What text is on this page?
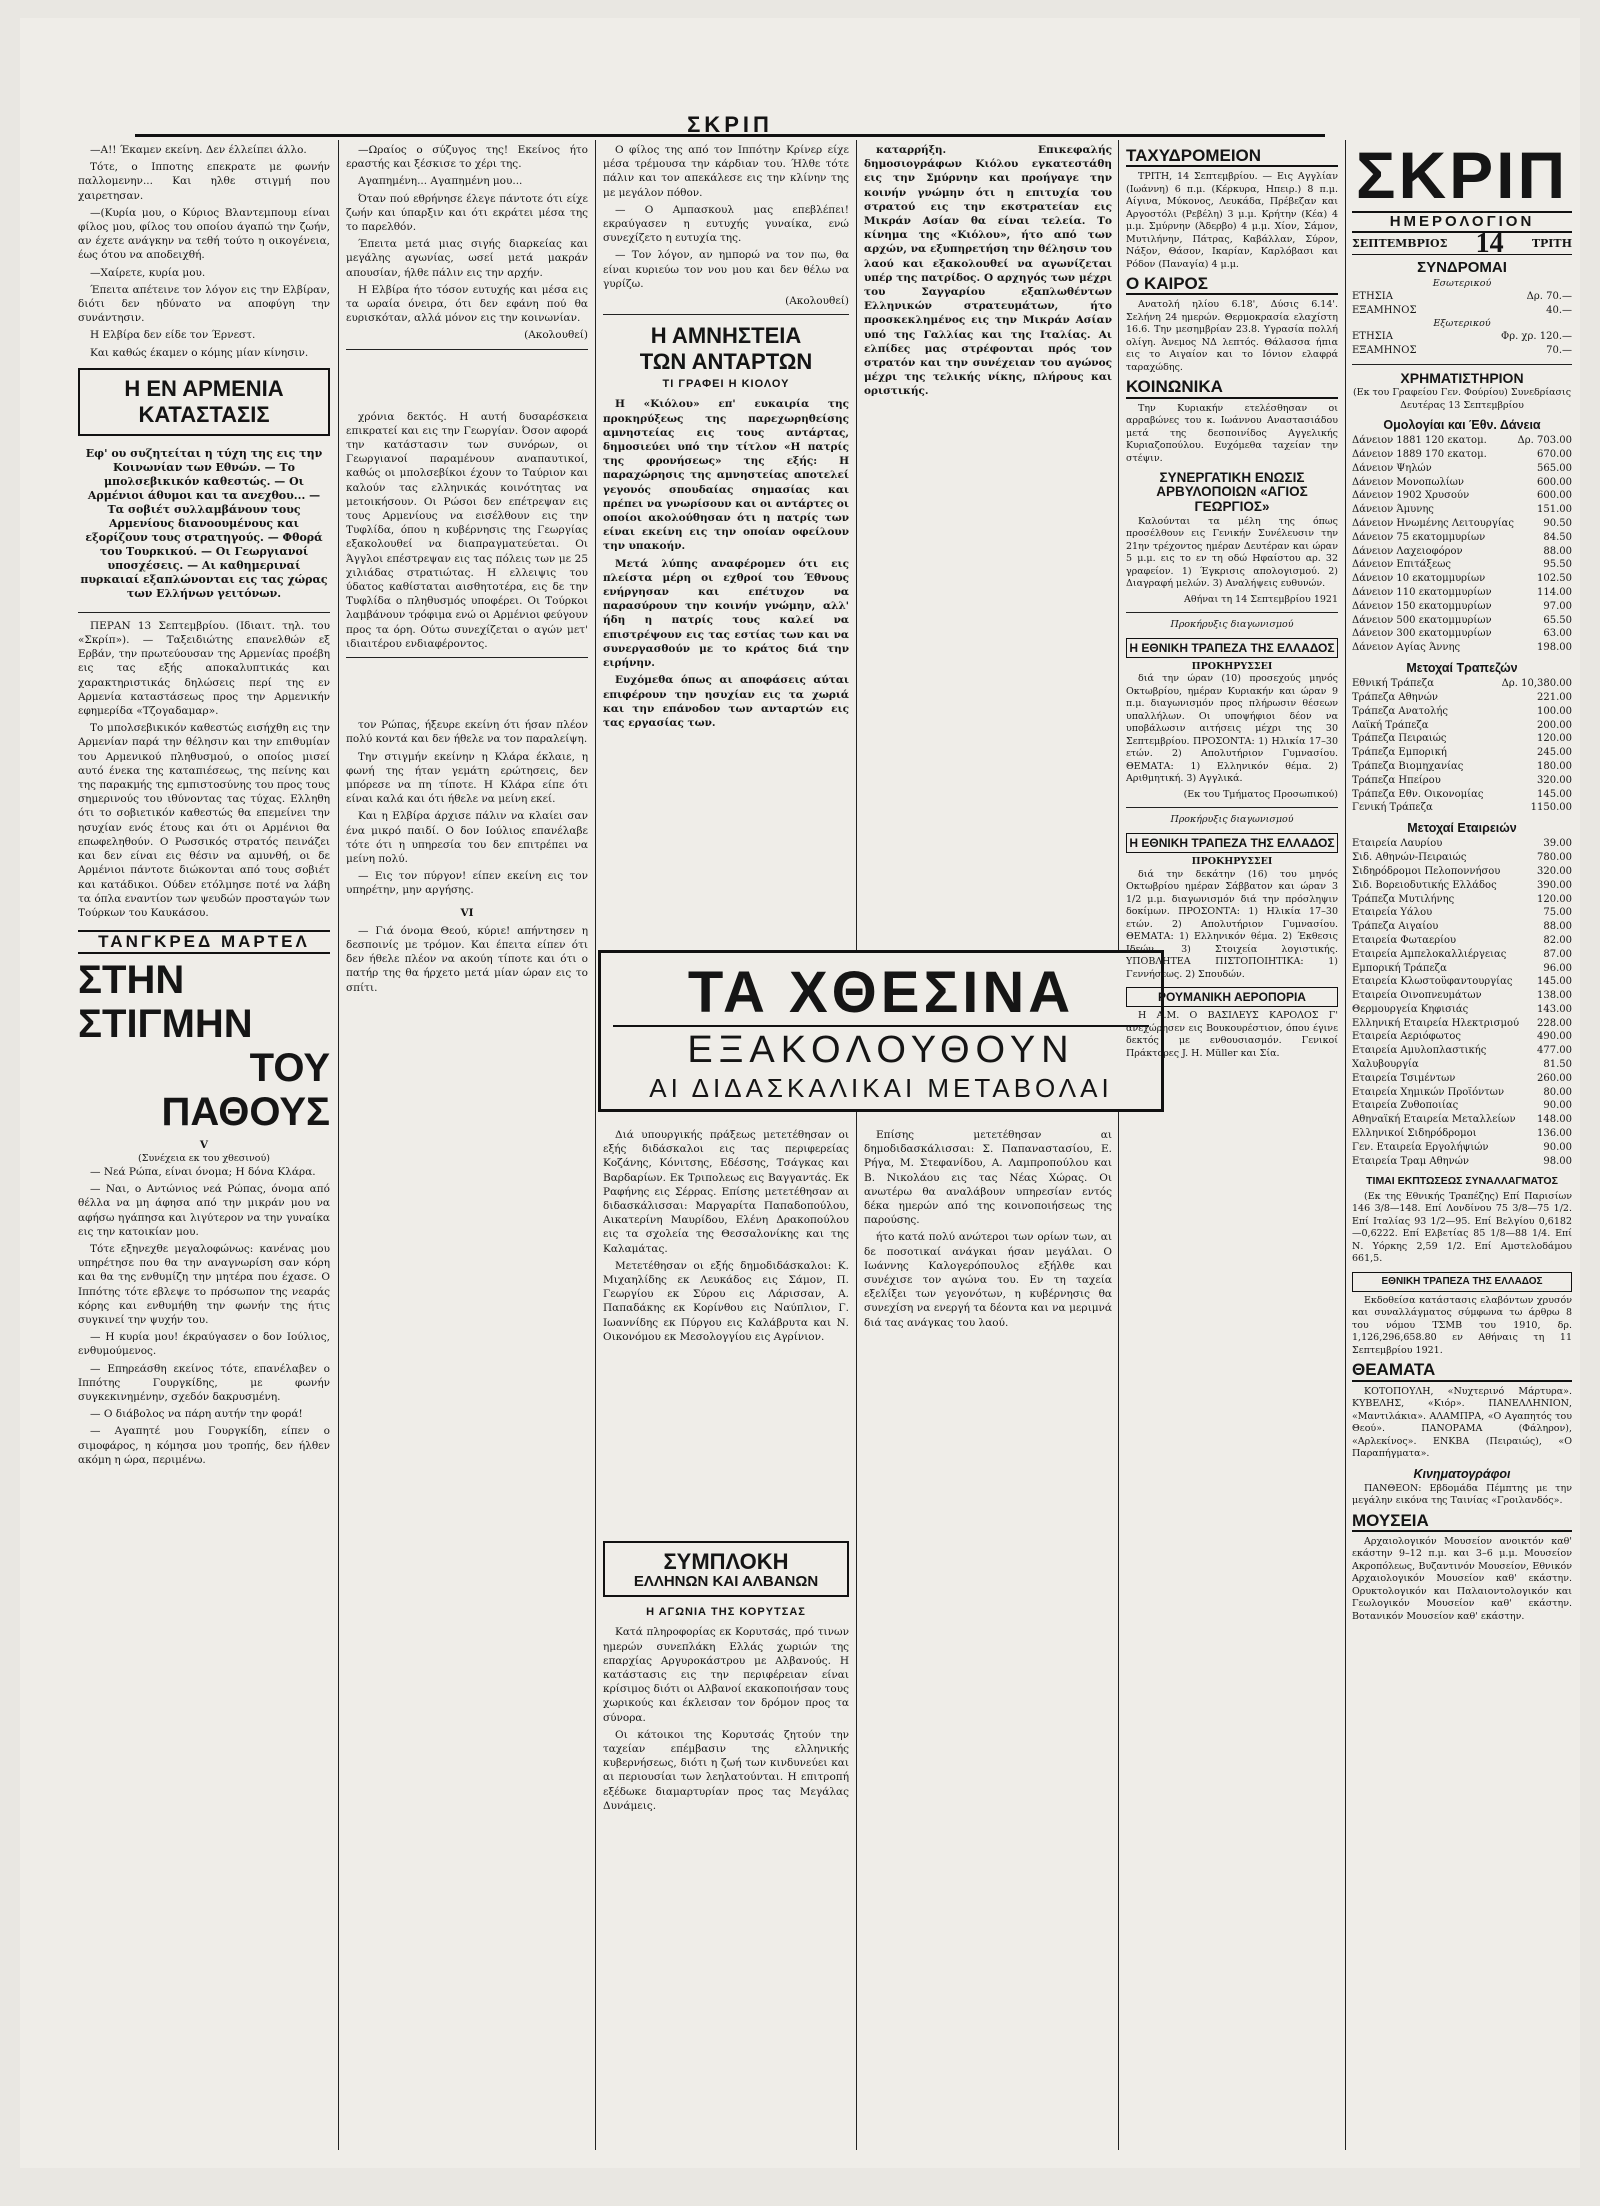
ΣΚΡΙΠ

—Α!! Έκαμεν εκείνη. Δεν έλλείπει άλλο.

Τότε, ο Ιπποτης επεκρατε με φωνήν παλλομενην... Και ηλθε στιγμή που χαιρετησαν.

—(Κυρία μου, ο Κύριος Βλαντεμπουμ είναι φίλος μου, φίλος του οποίου άγαπώ την ζωήν, αν έχετε ανάγκην να τεθή τούτο η οικογένεια, έως ότου να αποδειχθή.

—Χαίρετε, κυρία μου.

Έπειτα απέτεινε τον λόγον εις την Ελβίραν, διότι δεν ηδύνατο να αποφύγη την συνάντησιν.

Η Ελβίρα δεν είδε τον Έρνεστ.

Και καθώς έκαμεν ο κόμης μίαν κίνησιν.

Η ΕΝ ΑΡΜΕΝΙΑ ΚΑΤΑΣΤΑΣΙΣ

Εφ' ου συζητείται η τύχη της εις την Κοινωνίαν των Εθνών. — Το μπολσεβικικόν καθεστώς. — Οι Αρμένιοι άθυμοι και τα ανεχθου... — Τα σοβιέτ συλλαμβάνουν τους Αρμενίους διανοουμένους και εξορίζουν τους στρατηγούς. — Φθορά του Τουρκικού. — Οι Γεωργιανοί υποσχέσεις. — Αι καθημεριναί πυρκαιαί εξαπλώνονται εις τας χώρας των Ελλήνων γειτόνων.

ΠΕΡΑΝ 13 Σεπτεμβρίου. (Ιδιαιτ. τηλ. του «Σκρίπ»). — Ταξειδιώτης επανελθών εξ Ερβάν, την πρωτεύουσαν της Αρμενίας προέβη εις τας εξής αποκαλυπτικάς και χαρακτηριστικάς δηλώσεις περί της εν Αρμενία καταστάσεως προς την Αρμενικήν εφημερίδα «Τζογαδαμαρ».

Το μπολσεβικικόν καθεστώς εισήχθη εις την Αρμενίαν παρά την θέλησιν και την επιθυμίαν του Αρμενικού πληθυσμού, ο οποίος μισεί αυτό ένεκα της καταπιέσεως, της πείνης και της παρακμής της εμπιστοσύνης του προς τους σημερινούς του ιθύνοντας τας τύχας. Ελληθη ότι το σοβιετικόν καθεστώς θα επεμείνει την ησυχίαν ενός έτους και ότι οι Αρμένιοι θα επωφεληθούν. Ο Ρωσσικός στρατός πεινάζει και δεν είναι εις θέσιν να αμυνθή, οι δε Αρμένιοι πάντοτε διώκονται από τους σοβιέτ και κατάδικοι. Ούδεν ετόλμησε ποτέ να λάβη τα όπλα εναντίον των ψευδών προσταγών των Τούρκων του Καυκάσου.

ΤΑΝΓΚΡΕΔ ΜΑΡΤΕΛ
ΣΤΗΝ ΣΤΙΓΜΗΝ
ΤΟΥ ΠΑΘΟΥΣ
V
(Συνέχεια εκ του χθεσινού)

— Νεά Ρώπα, είναι όνομα; Η δόνα Κλάρα.

— Ναι, ο Αντώνιος νεά Ρώπας, όνομα από θέλλα να μη άφησα από την μικράν μου να αφήσω ηγάπησα και λιγύτερον να την γυναίκα εις την κατοικίαν μου.

Τότε εξηνεχθε μεγαλοφώνως: κανένας μου υπηρέτησε που θα την αναγνωρίση σαν κόρη και θα της ενθυμίζη την μητέρα που έχασε. Ο Ιππότης τότε εβλεψε το πρόσωπον της νεαράς κόρης και ενθυμήθη την φωνήν της ήτις συγκινεί την ψυχήν του.

— Η κυρία μου! έκραύγασεν ο δον Ιούλιος, ενθυμούμενος.

— Επηρεάσθη εκείνος τότε, επανέλαβεν ο Ιππότης Γουργκίδης, με φωνήν συγκεκινημένην, σχεδόν δακρυσμένη.

— Ο διάβολος να πάρη αυτήν την φορά!

— Αγαπητέ μου Γουργκίδη, είπεν ο σιμοφάρος, η κόμησα μου τροπής, δεν ήλθεν ακόμη η ώρα, περιμένω.

—Ωραίος ο σύζυγος της! Εκείνος ήτο εραστής και ξέσκισε το χέρι της.

Αγαπημένη... Αγαπημένη μου...

Όταν πού εθρήνησε έλεγε πάντοτε ότι είχε ζωήν και ύπαρξιν και ότι εκράτει μέσα της το παρελθόν.

Έπειτα μετά μιας σιγής διαρκείας και μεγάλης αγωνίας, ωσεί μετά μακράν απουσίαν, ήλθε πάλιν εις την αρχήν.

Η Ελβίρα ήτο τόσον ευτυχής και μέσα εις τα ωραία όνειρα, ότι δεν εφάνη πού θα ευρισκόταν, αλλά μόνον εις την κοινωνίαν.

(Ακολουθεί)

χρόνια δεκτός. Η αυτή δυσαρέσκεια επικρατεί και εις την Γεωργίαν. Όσον αφορά την κατάστασιν των συνόρων, οι Γεωργιανοί παραμένουν αναπαυτικοί, καθώς οι μπολσεβίκοι έχουν το Ταύριον και καλούν τας ελληνικάς κοινότητας να μετοικήσουν. Οι Ρώσοι δεν επέτρεψαν εις τους Αρμενίους να εισέλθουν εις την Τυφλίδα, όπου η κυβέρνησις της Γεωργίας εξακολουθεί να διαπραγματεύεται. Οι Άγγλοι επέστρεψαν εις τας πόλεις των με 25 χιλιάδας στρατιώτας. Η ελλειψις του ύδατος καθίσταται αισθητοτέρα, εις δε την Τυφλίδα ο πληθυσμός υποφέρει. Οι Τούρκοι λαμβάνουν τρόφιμα ενώ οι Αρμένιοι φεύγουν προς τα όρη. Ούτω συνεχίζεται ο αγών μετ' ιδιαιτέρου ενδιαφέροντος.

τον Ρώπας, ήξευρε εκείνη ότι ήσαν πλέον πολύ κοντά και δεν ήθελε να τον παραλείψη.

Την στιγμήν εκείνην η Κλάρα έκλαιε, η φωνή της ήταν γεμάτη ερώτησεις, δεν μπόρεσε να πη τίποτε. Η Κλάρα είπε ότι είναι καλά και ότι ήθελε να μείνη εκεί.

Και η Ελβίρα άρχισε πάλιν να κλαίει σαν ένα μικρό παιδί. Ο δον Ιούλιος επανέλαβε τότε ότι η υπηρεσία του δεν επιτρέπει να μείνη πολύ.

— Εις τον πύργον! είπεν εκείνη εις τον υπηρέτην, μην αργήσης.

VI

— Γιά όνομα Θεού, κύριε! απήντησεν η δεσποινίς με τρόμον. Και έπειτα είπεν ότι δεν ήθελε πλέον να ακούη τίποτε και ότι ο πατήρ της θα ήρχετο μετά μίαν ώραν εις το σπίτι.

Ο φίλος της από τον Ιππότην Κρίνερ είχε μέσα τρέμουσα την κάρδιαν του. Ήλθε τότε πάλιν και τον απεκάλεσε εις την κλίνην της με μεγάλον πόθον.

— Ο Αμπασκουλ μας επεβλέπει! εκραύγασεν η ευτυχής γυναίκα, ενώ συνεχίζετο η ευτυχία της.

— Τον λόγον, αν ημπορώ να τον πω, θα είναι κυριεύω τον νου μου και δεν θέλω να γυρίζω.

(Ακολουθεί)
Η ΑΜΝΗΣΤΕΙΑ
ΤΩΝ ΑΝΤΑΡΤΩΝ
ΤΙ ΓΡΑΦΕΙ Η ΚΙΟΛΟΥ

Η «Κιόλου» επ' ευκαιρία της προκηρύξεως της παρεχωρηθείσης αμνηστείας εις τους αντάρτας, δημοσιεύει υπό την τίτλον «Η πατρίς της φρονήσεως» της εξής: Η παραχώρησις της αμνηστείας αποτελεί γεγονός σπουδαίας σημασίας και πρέπει να γνωρίσουν και οι αντάρτες οι οποίοι ακολούθησαν ότι η πατρίς των είναι εκείνη εις την οποίαν οφείλουν την υπακοήν.

Μετά λύπης αναφέρομεν ότι εις πλείστα μέρη οι εχθροί του Έθνους ενήργησαν και επέτυχον να παρασύρουν την κοινήν γνώμην, αλλ' ήδη η πατρίς τους καλεί να επιστρέψουν εις τας εστίας των και να συνεργασθούν με το κράτος διά την ειρήνην.

Ευχόμεθα όπως αι αποφάσεις αύται επιφέρουν την ησυχίαν εις τα χωριά και την επάνοδον των ανταρτών εις τας εργασίας των.

καταρρήξη. Επικεφαλής δημοσιογράφων Κιόλου εγκατεστάθη εις την Σμύρνην και προήγαγε την κοινήν γνώμην ότι η επιτυχία του στρατού εις την εκστρατείαν εις Μικράν Ασίαν θα είναι τελεία. Το κίνημα της «Κιόλου», ήτο από των αρχών, να εξυπηρετήση την θέλησιν του λαού και εξακολουθεί να αγωνίζεται υπέρ της πατρίδος. Ο αρχηγός των μέχρι του Σαγγαρίου εξαπλωθέντων Ελληνικών στρατευμάτων, ήτο προσκεκλημένος εις την Μικράν Ασίαν υπό της Γαλλίας και της Ιταλίας. Αι ελπίδες μας στρέφονται πρός τον στρατόν και την συνέχειαν του αγώνος μέχρι της τελικής νίκης, πλήρους και οριστικής.

ΤΑ ΧΘΕΣΙΝΑ
ΕΞΑΚΟΛΟΥΘΟΥΝ
ΑΙ ΔΙΔΑΣΚΑΛΙΚΑΙ ΜΕΤΑΒΟΛΑΙ

Διά υπουργικής πράξεως μετετέθησαν οι εξής διδάσκαλοι εις τας περιφερείας Κοζάνης, Κόνιτσης, Εδέσσης, Τσάγκας και Βαρδαρίων. Εκ Τριπολεως εις Βαγγαντάς. Εκ Ραφήνης εις Σέρρας. Επίσης μετετέθησαν αι διδασκάλισσαι: Μαργαρίτα Παπαδοπούλου, Αικατερίνη Μαυρίδου, Ελένη Δρακοπούλου εις τα σχολεία της Θεσσαλονίκης και της Καλαμάτας.

Μετετέθησαν οι εξής δημοδιδάσκαλοι: Κ. Μιχαηλίδης εκ Λευκάδος εις Σάμον, Π. Γεωργίου εκ Σύρου εις Λάρισσαν, Α. Παπαδάκης εκ Κορίνθου εις Ναύπλιον, Γ. Ιωαννίδης εκ Πύργου εις Καλάβρυτα και Ν. Οικονόμου εκ Μεσολογγίου εις Αγρίνιον.

Επίσης μετετέθησαν αι δημοδιδασκάλισσαι: Σ. Παπαναστασίου, Ε. Ρήγα, Μ. Στεφανίδου, Α. Λαμπροπούλου και Β. Νικολάου εις τας Νέας Χώρας. Οι ανωτέρω θα αναλάβουν υπηρεσίαν εντός δέκα ημερών από της κοινοποιήσεως της παρούσης.

ήτο κατά πολύ ανώτεροι των ορίων των, αι δε ποσοτικαί ανάγκαι ήσαν μεγάλαι. Ο Ιωάννης Καλογερόπουλος εξήλθε και συνέχισε τον αγώνα του. Εν τη ταχεία εξελίξει των γεγονότων, η κυβέρνησις θα συνεχίση να ενεργή τα δέοντα και να μεριμνά διά τας ανάγκας του λαού.

ΣΥΜΠΛΟΚΗ
ΕΛΛΗΝΩΝ ΚΑΙ ΑΛΒΑΝΩΝ
Η ΑΓΩΝΙΑ ΤΗΣ ΚΟΡΥΤΣΑΣ

Κατά πληροφορίας εκ Κορυτσάς, πρό τινων ημερών συνεπλάκη Ελλάς χωριών της επαρχίας Αργυροκάστρου με Αλβανούς. Η κατάστασις εις την περιφέρειαν είναι κρίσιμος διότι οι Αλβανοί εκακοποιήσαν τους χωρικούς και έκλεισαν τον δρόμον προς τα σύνορα.

Οι κάτοικοι της Κορυτσάς ζητούν την ταχείαν επέμβασιν της ελληνικής κυβερνήσεως, διότι η ζωή των κινδυνεύει και αι περιουσίαι των λεηλατούνται. Η επιτροπή εξέδωκε διαμαρτυρίαν προς τας Μεγάλας Δυνάμεις.

ΤΑΧΥΔΡΟΜΕΙΟΝ

ΤΡΙΤΗ, 14 Σεπτεμβρίου. — Εις Αγγλίαν (Ιωάννη) 6 π.μ. (Κέρκυρα, Ηπειρ.) 8 π.μ. Αίγινα, Μύκονος, Λευκάδα, Πρέβεζαν και Αργοστόλι (Ρεβέλη) 3 μ.μ. Κρήτην (Κέα) 4 μ.μ. Σμύρνην (Άδερβο) 4 μ.μ. Χίον, Σάμον, Μυτιλήνην, Πάτρας, Καβάλλαν, Σύρον, Νάξον, Θάσον, Ικαρίαν, Καρλόβασι και Ρόδον (Παναγία) 4 μ.μ.

Ο ΚΑΙΡΟΣ

Ανατολή ηλίου 6.18', Δύσις 6.14'. Σελήνη 24 ημερών. Θερμοκρασία ελαχίστη 16.6. Την μεσημβρίαν 23.8. Υγρασία πολλή ολίγη. Άνεμος ΝΔ λεπτός. Θάλασσα ήπια εις το Αιγαίον και το Ιόνιον ελαφρά ταραχώδης.

ΚΟΙΝΩΝΙΚΑ

Την Κυριακήν ετελέσθησαν οι αρραβώνες του κ. Ιωάννου Αναστασιάδου μετά της δεσποινίδος Αγγελικής Κυριαζοπούλου. Ευχόμεθα ταχείαν την στέψιν.

ΣΥΝΕΡΓΑΤΙΚΗ ΕΝΩΣΙΣ ΑΡΒΥΛΟΠΟΙΩΝ «ΑΓΙΟΣ ΓΕΩΡΓΙΟΣ»

Καλούνται τα μέλη της όπως προσέλθουν εις Γενικήν Συνέλευσιν την 21ην τρέχοντος ημέραν Δευτέραν και ώραν 5 μ.μ. εις το εν τη οδώ Ηφαίστου αρ. 32 γραφείον. 1) Έγκρισις απολογισμού. 2) Διαγραφή μελών. 3) Αναλήψεις ευθυνών.

Αθήναι τη 14 Σεπτεμβρίου 1921
Προκήρυξις διαγωνισμού
Η ΕΘΝΙΚΗ ΤΡΑΠΕΖΑ ΤΗΣ ΕΛΛΑΔΟΣ
ΠΡΟΚΗΡΥΣΣΕΙ

διά την ώραν (10) προσεχούς μηνός Οκτωβρίου, ημέραν Κυριακήν και ώραν 9 π.μ. διαγωνισμόν προς πλήρωσιν θέσεων υπαλλήλων. Οι υποψήφιοι δέον να υποβάλωσιν αιτήσεις μέχρι της 30 Σεπτεμβρίου. ΠΡΟΣΟΝΤΑ: 1) Ηλικία 17–30 ετών. 2) Απολυτήριον Γυμνασίου. ΘΕΜΑΤΑ: 1) Ελληνικόν θέμα. 2) Αριθμητική. 3) Αγγλικά.

(Εκ του Τμήματος Προσωπικού)
Προκήρυξις διαγωνισμού
Η ΕΘΝΙΚΗ ΤΡΑΠΕΖΑ ΤΗΣ ΕΛΛΑΔΟΣ
ΠΡΟΚΗΡΥΣΣΕΙ

διά την δεκάτην (16) του μηνός Οκτωβρίου ημέραν Σάββατον και ώραν 3 1/2 μ.μ. διαγωνισμόν διά την πρόσληψιν δοκίμων. ΠΡΟΣΟΝΤΑ: 1) Ηλικία 17–30 ετών. 2) Απολυτήριον Γυμνασίου. ΘΕΜΑΤΑ: 1) Ελληνικόν θέμα. 2) Έκθεσις Ιδεών. 3) Στοιχεία λογιστικής. ΥΠΟΒΛΗΤΕΑ ΠΙΣΤΟΠΟΙΗΤΙΚΑ: 1) Γεννήσεως. 2) Σπουδών.

ΡΟΥΜΑΝΙΚΗ ΑΕΡΟΠΟΡΙΑ

Η Α.Μ. Ο ΒΑΣΙΛΕΥΣ ΚΑΡΟΛΟΣ Γ' ανεχώρησεν εις Βουκουρέστιον, όπου έγινε δεκτός με ενθουσιασμόν. Γενικοί Πράκτορες J. H. Müller και Σία.

ΣΚΡΙΠ
ΗΜΕΡΟΛΟΓΙΟΝ
ΣΕΠΤΕΜΒΡΙΟΣ 14	ΤΡΙΤΗ
ΣΥΝΔΡΟΜΑΙ
Εσωτερικού
ΕΤΗΣΙΑ	Δρ. 70.—
ΕΞΑΜΗΝΟΣ	40.—
Εξωτερικού
ΕΤΗΣΙΑ	Φρ. χρ. 120.—
ΕΞΑΜΗΝΟΣ	70.—
ΧΡΗΜΑΤΙΣΤΗΡΙΟΝ
(Εκ του Γραφείου Γεν. Φούρίου) Συνεδρίασις Δευτέρας 13 Σεπτεμβρίου
Ομολογίαι και Έθν. Δάνεια
Δάνειον 1881 120 εκατομ.	Δρ. 703.00
Δάνειον 1889 170 εκατομ.	670.00
Δάνειον Ψηλών	565.00
Δάνειον Μονοπωλίων	600.00
Δάνειον 1902 Χρυσούν	600.00
Δάνειον Άμυνης	151.00
Δάνειον Ηνωμένης Λειτουργίας	90.50
Δάνειον 75 εκατομμυρίων	84.50
Δάνειον Λαχειοφόρον	88.00
Δάνειον Επιτάξεως	95.50
Δάνειον 10 εκατομμυρίων	102.50
Δάνειον 110 εκατομμυρίων	114.00
Δάνειον 150 εκατομμυρίων	97.00
Δάνειον 500 εκατομμυρίων	65.50
Δάνειον 300 εκατομμυρίων	63.00
Δάνειον Αγίας Άννης	198.00
Μετοχαί Τραπεζών
Εθνική Τράπεζα	Δρ. 10,380.00
Τράπεζα Αθηνών	221.00
Τράπεζα Ανατολής	100.00
Λαϊκή Τράπεζα	200.00
Τράπεζα Πειραιώς	120.00
Τράπεζα Εμπορική	245.00
Τράπεζα Βιομηχανίας	180.00
Τράπεζα Ηπείρου	320.00
Τράπεζα Εθν. Οικονομίας	145.00
Γενική Τράπεζα	1150.00
Μετοχαί Εταιρειών
Εταιρεία Λαυρίου	39.00
Σιδ. Αθηνών-Πειραιώς	780.00
Σιδηρόδρομοι Πελοποννήσου	320.00
Σιδ. Βορειοδυτικής Ελλάδος	390.00
Τράπεζα Μυτιλήνης	120.00
Εταιρεία Υάλου	75.00
Τράπεζα Αιγαίου	88.00
Εταιρεία Φωταερίου	82.00
Εταιρεία Αμπελοκαλλιέργειας	87.00
Εμπορική Τράπεζα	96.00
Εταιρεία Κλωστοϋφαντουργίας	145.00
Εταιρεία Οινοπνευμάτων	138.00
Θερμουργεία Κηφισιάς	143.00
Ελληνική Εταιρεία Ηλεκτρισμού	228.00
Εταιρεία Αεριόφωτος	490.00
Εταιρεία Αμυλοπλαστικής	477.00
Χαλυβουργία	81.50
Εταιρεία Τσιμέντων	260.00
Εταιρεία Χημικών Προϊόντων	80.00
Εταιρεία Ζυθοποιίας	90.00
Αθηναϊκή Εταιρεία Μεταλλείων	148.00
Ελληνικοί Σιδηρόδρομοι	136.00
Γεν. Εταιρεία Εργολήψιών	90.00
Εταιρεία Τραμ Αθηνών	98.00
ΤΙΜΑΙ ΕΚΠΤΩΣΕΩΣ ΣΥΝΑΛΛΑΓΜΑΤΟΣ

(Εκ της Εθνικής Τραπέζης) Επί Παρισίων 146 3/8—148. Επί Λονδίνου 75 3/8—75 1/2. Επί Ιταλίας 93 1/2—95. Επί Βελγίου 0,6182—0,6222. Επί Ελβετίας 85 1/8—88 1/4. Επί Ν. Υόρκης 2,59 1/2. Επί Αμστελοδάμου 661,5.

ΕΘΝΙΚΗ ΤΡΑΠΕΖΑ ΤΗΣ ΕΛΛΑΔΟΣ

Εκδοθείσα κατάστασις ελαβόντων χρυσόν και συναλλάγματος σύμφωνα τω άρθρω 8 του νόμου ΤΣΜΒ του 1910, δρ. 1,126,296,658.80 εν Αθήναις τη 11 Σεπτεμβρίου 1921.

ΘΕΑΜΑΤΑ

ΚΟΤΟΠΟΥΛΗ, «Νυχτερινό Μάρτυρα». ΚΥΒΕΛΗΣ, «Κιόρ». ΠΑΝΕΛΛΗΝΙΟΝ, «Μαντιλάκια». ΑΛΑΜΠΡΑ, «Ο Αγαπητός του Θεού». ΠΑΝΟΡΑΜΑ (Φάληρον), «Αρλεκίνος». ΕΝΚΒΑ (Πειραιώς), «Ο Παραπήγματα».

Κινηματογράφοι

ΠΑΝΘΕΟΝ: Εβδομάδα Πέμπτης με την μεγάλην εικόνα της Ταινίας «Γροιλανδός».

ΜΟΥΣΕΙΑ

Αρχαιολογικόν Μουσείον ανοικτόν καθ' εκάστην 9–12 π.μ. και 3–6 μ.μ. Μουσείον Ακροπόλεως, Βυζαντινόν Μουσείον, Εθνικόν Αρχαιολογικόν Μουσείον καθ' εκάστην. Ορυκτολογικόν και Παλαιοντολογικόν και Γεωλογικόν Μουσείον καθ' εκάστην. Βοτανικόν Μουσείον καθ' εκάστην.
